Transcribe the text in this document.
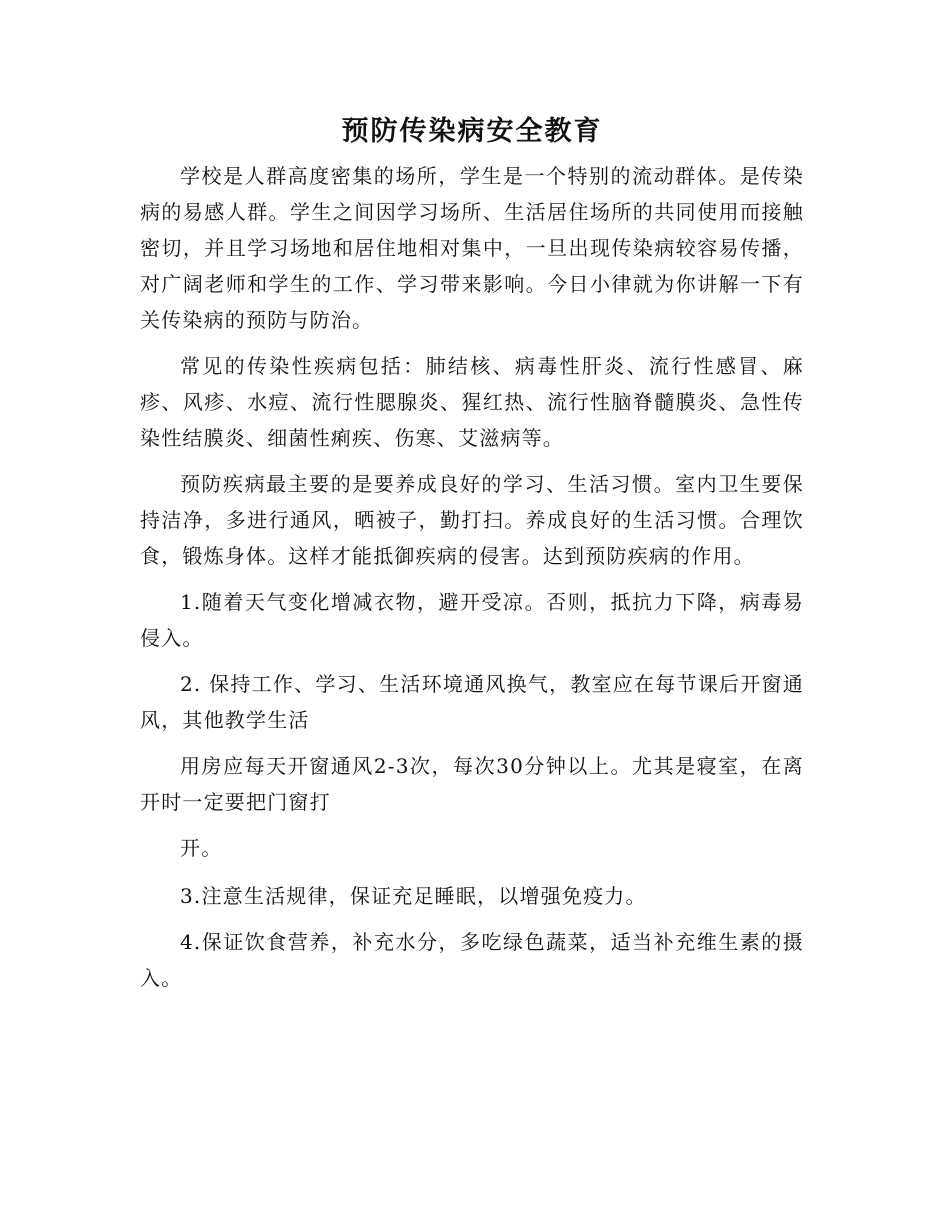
预防传染病安全教育

学校是人群高度密集的场所，学生是一个特别的流动群体。是传染病的易感人群。学生之间因学习场所、生活居住场所的共同使用而接触密切，并且学习场地和居住地相对集中，一旦出现传染病较容易传播，对广阔老师和学生的工作、学习带来影响。今日小律就为你讲解一下有关传染病的预防与防治。

常见的传染性疾病包括：肺结核、病毒性肝炎、流行性感冒、麻疹、风疹、水痘、流行性腮腺炎、猩红热、流行性脑脊髓膜炎、急性传染性结膜炎、细菌性痢疾、伤寒、艾滋病等。

预防疾病最主要的是要养成良好的学习、生活习惯。室内卫生要保持洁净，多进行通风，晒被子，勤打扫。养成良好的生活习惯。合理饮食，锻炼身体。这样才能抵御疾病的侵害。达到预防疾病的作用。

1.随着天气变化增减衣物，避开受凉。否则，抵抗力下降，病毒易侵入。

2. 保持工作、学习、生活环境通风换气，教室应在每节课后开窗通风，其他教学生活

用房应每天开窗通风2-3次，每次30分钟以上。尤其是寝室，在离开时一定要把门窗打

开。

3.注意生活规律，保证充足睡眠，以增强免疫力。

4.保证饮食营养，补充水分，多吃绿色蔬菜，适当补充维生素的摄入。
